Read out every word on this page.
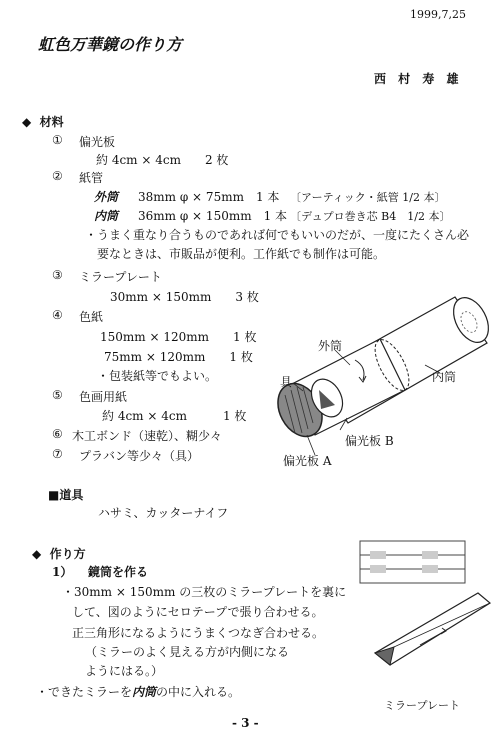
1999,7,25
虹色万華鏡の作り方
西 村 寿 雄
◆ 材料
① 偏光板
約 4cm × 4cm　　2 枚
② 紙管
外筒 38mm φ × 75mm　1 本 〔アーティック・紙管 1/2 本〕
内筒 36mm φ × 150mm　1 本 〔デュプロ巻き芯 B4　1/2 本〕
・うまく重なり合うものであれば何でもいいのだが、一度にたくさん必
要なときは、市販品が便利。工作紙でも制作は可能。
③ ミラープレート
30mm × 150mm　　3 枚
④ 色紙
150mm × 120mm　　1 枚
75mm × 120mm　　1 枚
・包装紙等でもよい。
⑤ 色画用紙
約 4cm × 4cm　　　1 枚
⑥ 木工ボンド（速乾）、糊少々
⑦ プラバン等少々（具）
外筒
内筒
具
偏光板 B
偏光板 A
■道具
ハサミ、カッターナイフ
◆ 作り方
1） 鏡筒を作る
・30mm × 150mm の三枚のミラープレートを裏に
して、図のようにセロテープで張り合わせる。
正三角形になるようにうまくつなぎ合わせる。
（ミラーのよく見える方が内側になる
ようにはる。）
・できたミラーを内筒の中に入れる。
ミラープレート
- 3 -
